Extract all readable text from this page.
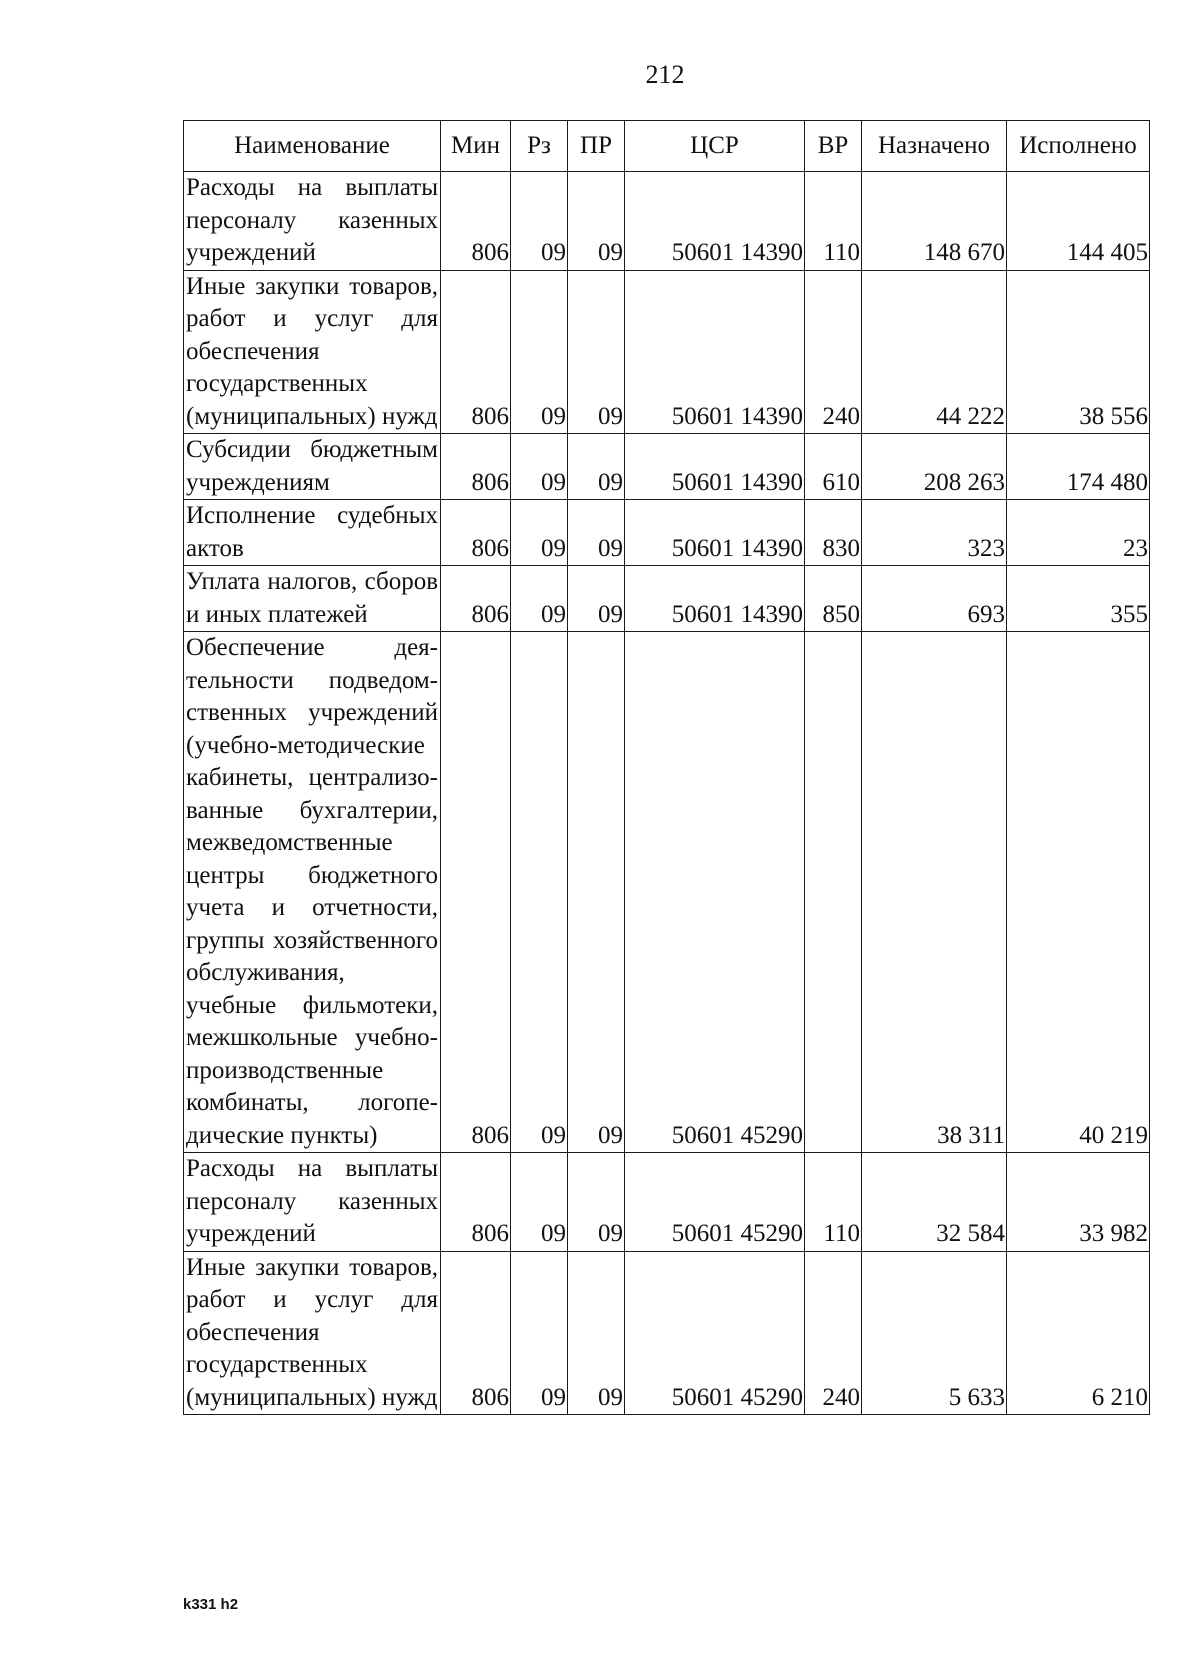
212
Наименование	Мин	Рз	ПР	ЦСР	ВР	Назначено	Исполнено
Расходы на выплаты персоналу казенных учреждений	806	09	09	50601 14390	110	148 670	144 405
Иные закупки товаров, работ и услуг для обеспечения государственных (муниципальных) нужд	806	09	09	50601 14390	240	44 222	38 556
Субсидии бюджетным учреждениям	806	09	09	50601 14390	610	208 263	174 480
Исполнение судебных актов	806	09	09	50601 14390	830	323	23
Уплата налогов, сборов и иных платежей	806	09	09	50601 14390	850	693	355
Обеспечение деятельности подведомственных учреждений (учебно-методические кабинеты, централизованные бухгалтерии, межведомственные центры бюджетного учета и отчетности, группы хозяйственного обслуживания, учебные фильмотеки, межшкольные учебно-производственные комбинаты, логопедические пункты)	806	09	09	50601 45290		38 311	40 219
Расходы на выплаты персоналу казенных учреждений	806	09	09	50601 45290	110	32 584	33 982
Иные закупки товаров, работ и услуг для обеспечения государственных (муниципальных) нужд	806	09	09	50601 45290	240	5 633	6 210
k331 h2
